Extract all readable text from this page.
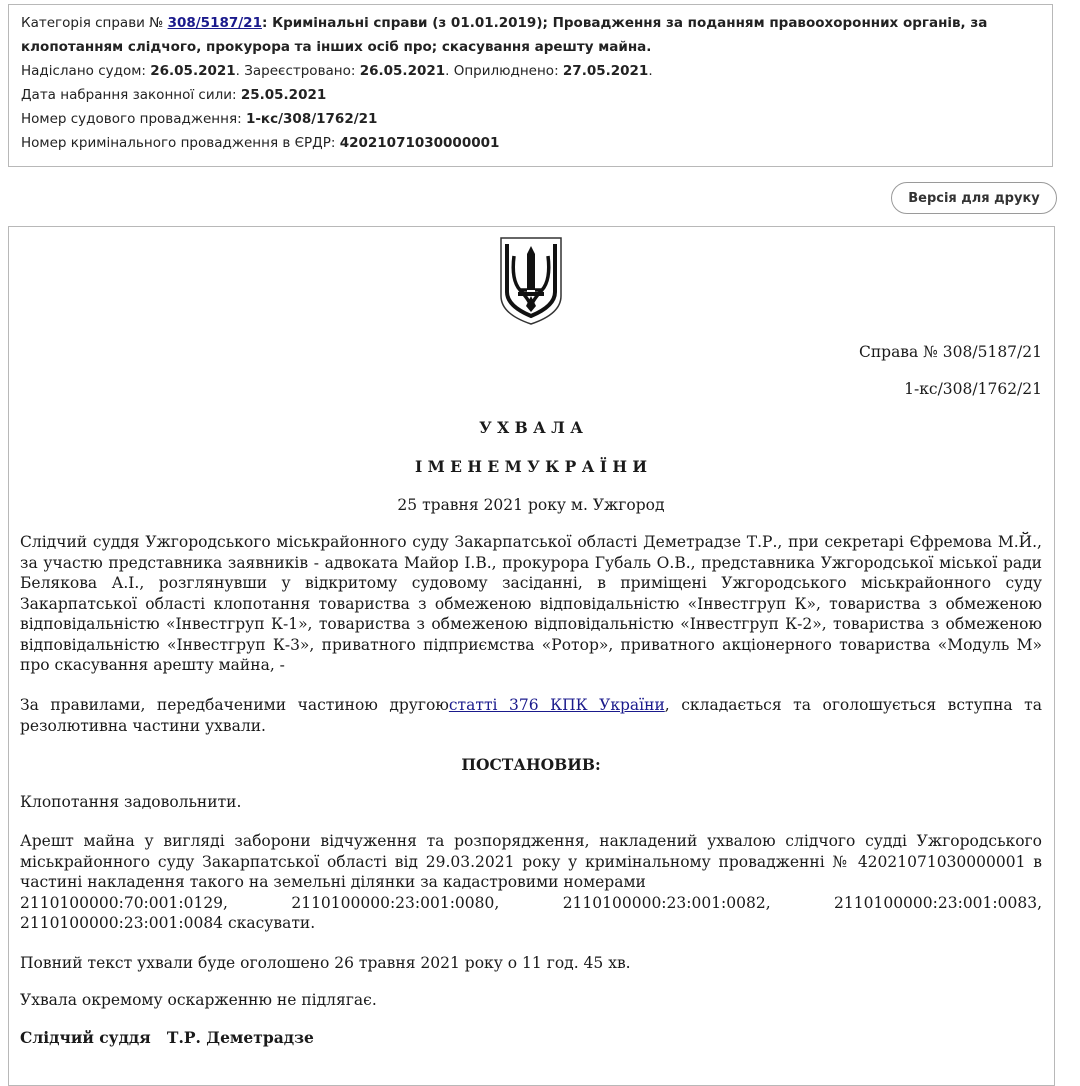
Категорія справи № 308/5187/21: Кримінальні справи (з 01.01.2019); Провадження за поданням правоохоронних органів, за клопотанням слідчого, прокурора та інших осіб про; скасування арешту майна.
Надіслано судом: 26.05.2021. Зареєстровано: 26.05.2021. Оприлюднено: 27.05.2021.
Дата набрання законної сили: 25.05.2021
Номер судового провадження: 1-кс/308/1762/21
Номер кримінального провадження в ЄРДР: 42021071030000001
Версія для друку
Справа № 308/5187/21
1-кс/308/1762/21
У Х В А Л А
І М Е Н Е М У К Р А Ї Н И
25 травня 2021 року м. Ужгород
Слідчий суддя Ужгородського міськрайонного суду Закарпатської області Деметрадзе Т.Р., при секретарі Єфремова М.Й., за участю представника заявників - адвоката Майор І.В., прокурора Губаль О.В., представника Ужгородської міської ради Белякова А.І., розглянувши у відкритому судовому засіданні, в приміщені Ужгородського міськрайонного суду Закарпатської області клопотання товариства з обмеженою відповідальністю «Інвестгруп К», товариства з обмеженою відповідальністю «Інвестгруп К-1», товариства з обмеженою відповідальністю «Інвестгруп К-2», товариства з обмеженою відповідальністю «Інвестгруп К-3», приватного підприємства «Ротор», приватного акціонерного товариства «Модуль М» про скасування арешту майна, -
За правилами, передбаченими частиною другоюстатті 376 КПК України, складається та оголошується вступна та резолютивна частини ухвали.
ПОСТАНОВИВ:
Клопотання задовольнити.
Арешт майна у вигляді заборони відчуження та розпорядження, накладений ухвалою слідчого судді Ужгородського міськрайонного суду Закарпатської області від 29.03.2021 року у кримінальному провадженні № 42021071030000001 в частині накладення такого на земельні ділянки за кадастровими номерами
2110100000:70:001:0129,	2110100000:23:001:0080,	2110100000:23:001:0082,	2110100000:23:001:0083,
2110100000:23:001:0084 скасувати.
Повний текст ухвали буде оголошено 26 травня 2021 року о 11 год. 45 хв.
Ухвала окремому оскарженню не підлягає.
Слідчий суддя Т.Р. Деметрадзе
